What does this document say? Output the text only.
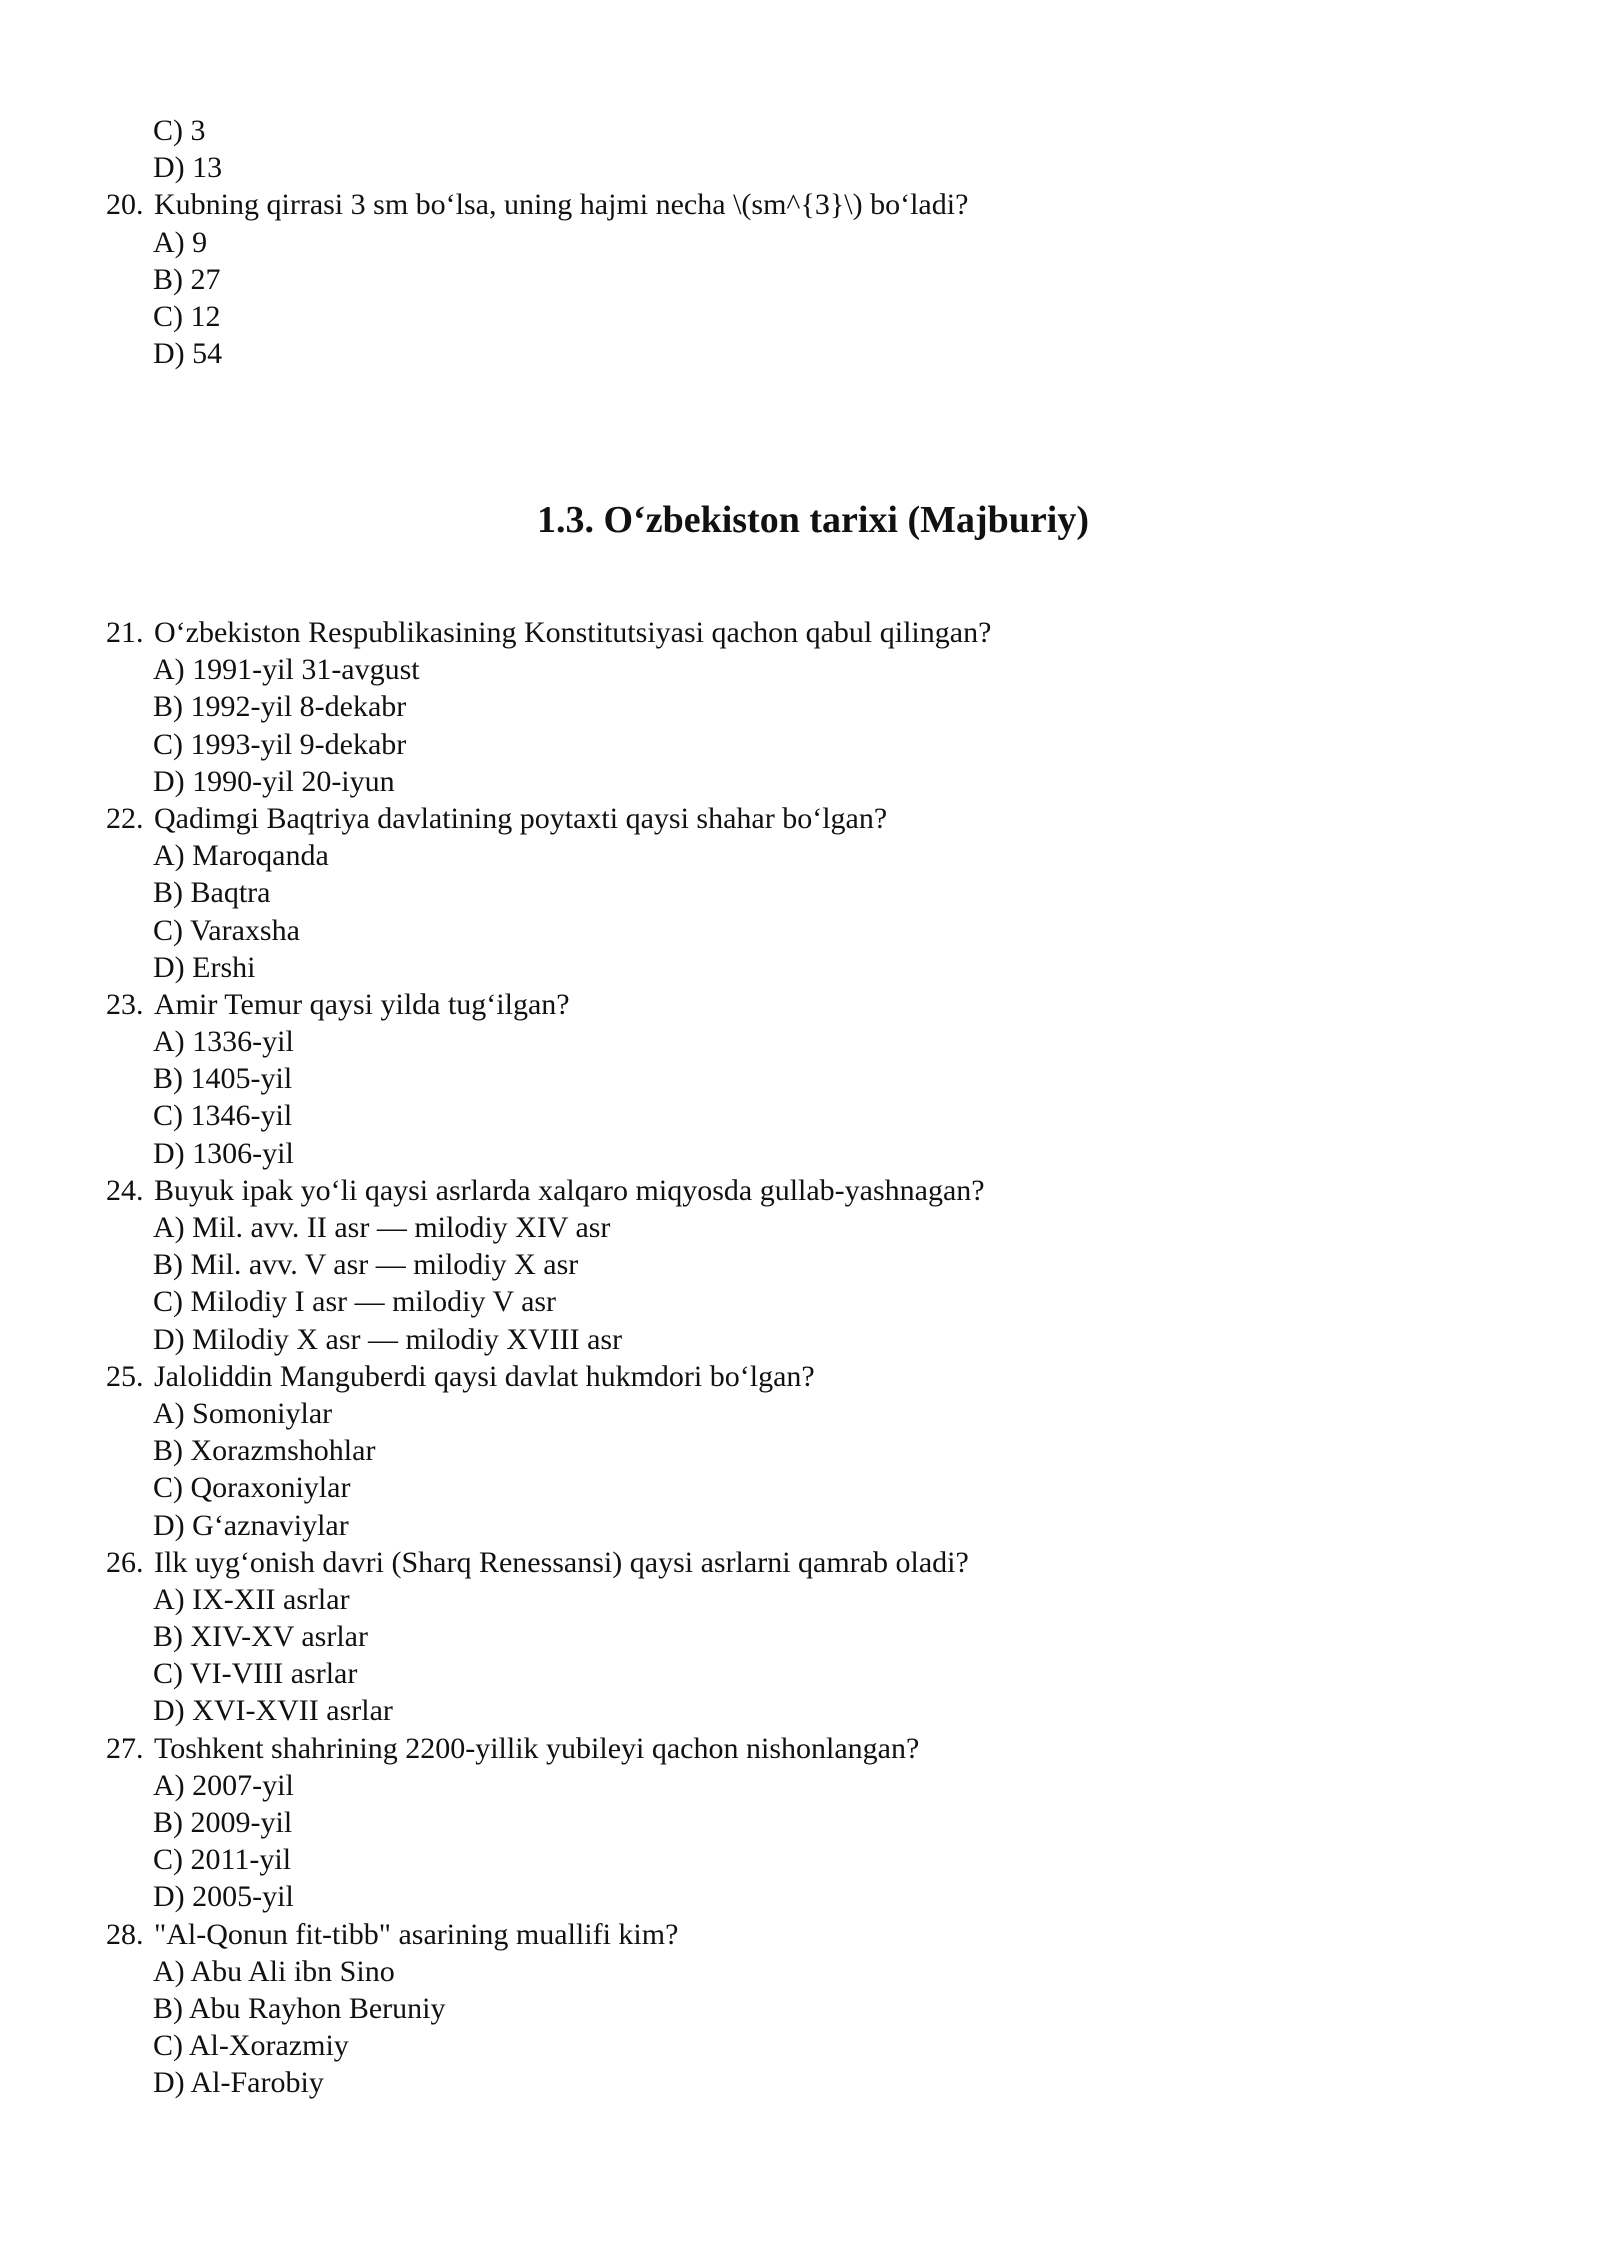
C) 3
D) 13
20. Kubning qirrasi 3 sm bo‘lsa, uning hajmi necha \(sm^{3}\) bo‘ladi?
A) 9
B) 27
C) 12
D) 54
1.3. O‘zbekiston tarixi (Majburiy)
21. O‘zbekiston Respublikasining Konstitutsiyasi qachon qabul qilingan?
A) 1991-yil 31-avgust
B) 1992-yil 8-dekabr
C) 1993-yil 9-dekabr
D) 1990-yil 20-iyun
22. Qadimgi Baqtriya davlatining poytaxti qaysi shahar bo‘lgan?
A) Maroqanda
B) Baqtra
C) Varaxsha
D) Ershi
23. Amir Temur qaysi yilda tug‘ilgan?
A) 1336-yil
B) 1405-yil
C) 1346-yil
D) 1306-yil
24. Buyuk ipak yo‘li qaysi asrlarda xalqaro miqyosda gullab-yashnagan?
A) Mil. avv. II asr — milodiy XIV asr
B) Mil. avv. V asr — milodiy X asr
C) Milodiy I asr — milodiy V asr
D) Milodiy X asr — milodiy XVIII asr
25. Jaloliddin Manguberdi qaysi davlat hukmdori bo‘lgan?
A) Somoniylar
B) Xorazmshohlar
C) Qoraxoniylar
D) G‘aznaviylar
26. Ilk uyg‘onish davri (Sharq Renessansi) qaysi asrlarni qamrab oladi?
A) IX-XII asrlar
B) XIV-XV asrlar
C) VI-VIII asrlar
D) XVI-XVII asrlar
27. Toshkent shahrining 2200-yillik yubileyi qachon nishonlangan?
A) 2007-yil
B) 2009-yil
C) 2011-yil
D) 2005-yil
28. "Al-Qonun fit-tibb" asarining muallifi kim?
A) Abu Ali ibn Sino
B) Abu Rayhon Beruniy
C) Al-Xorazmiy
D) Al-Farobiy
